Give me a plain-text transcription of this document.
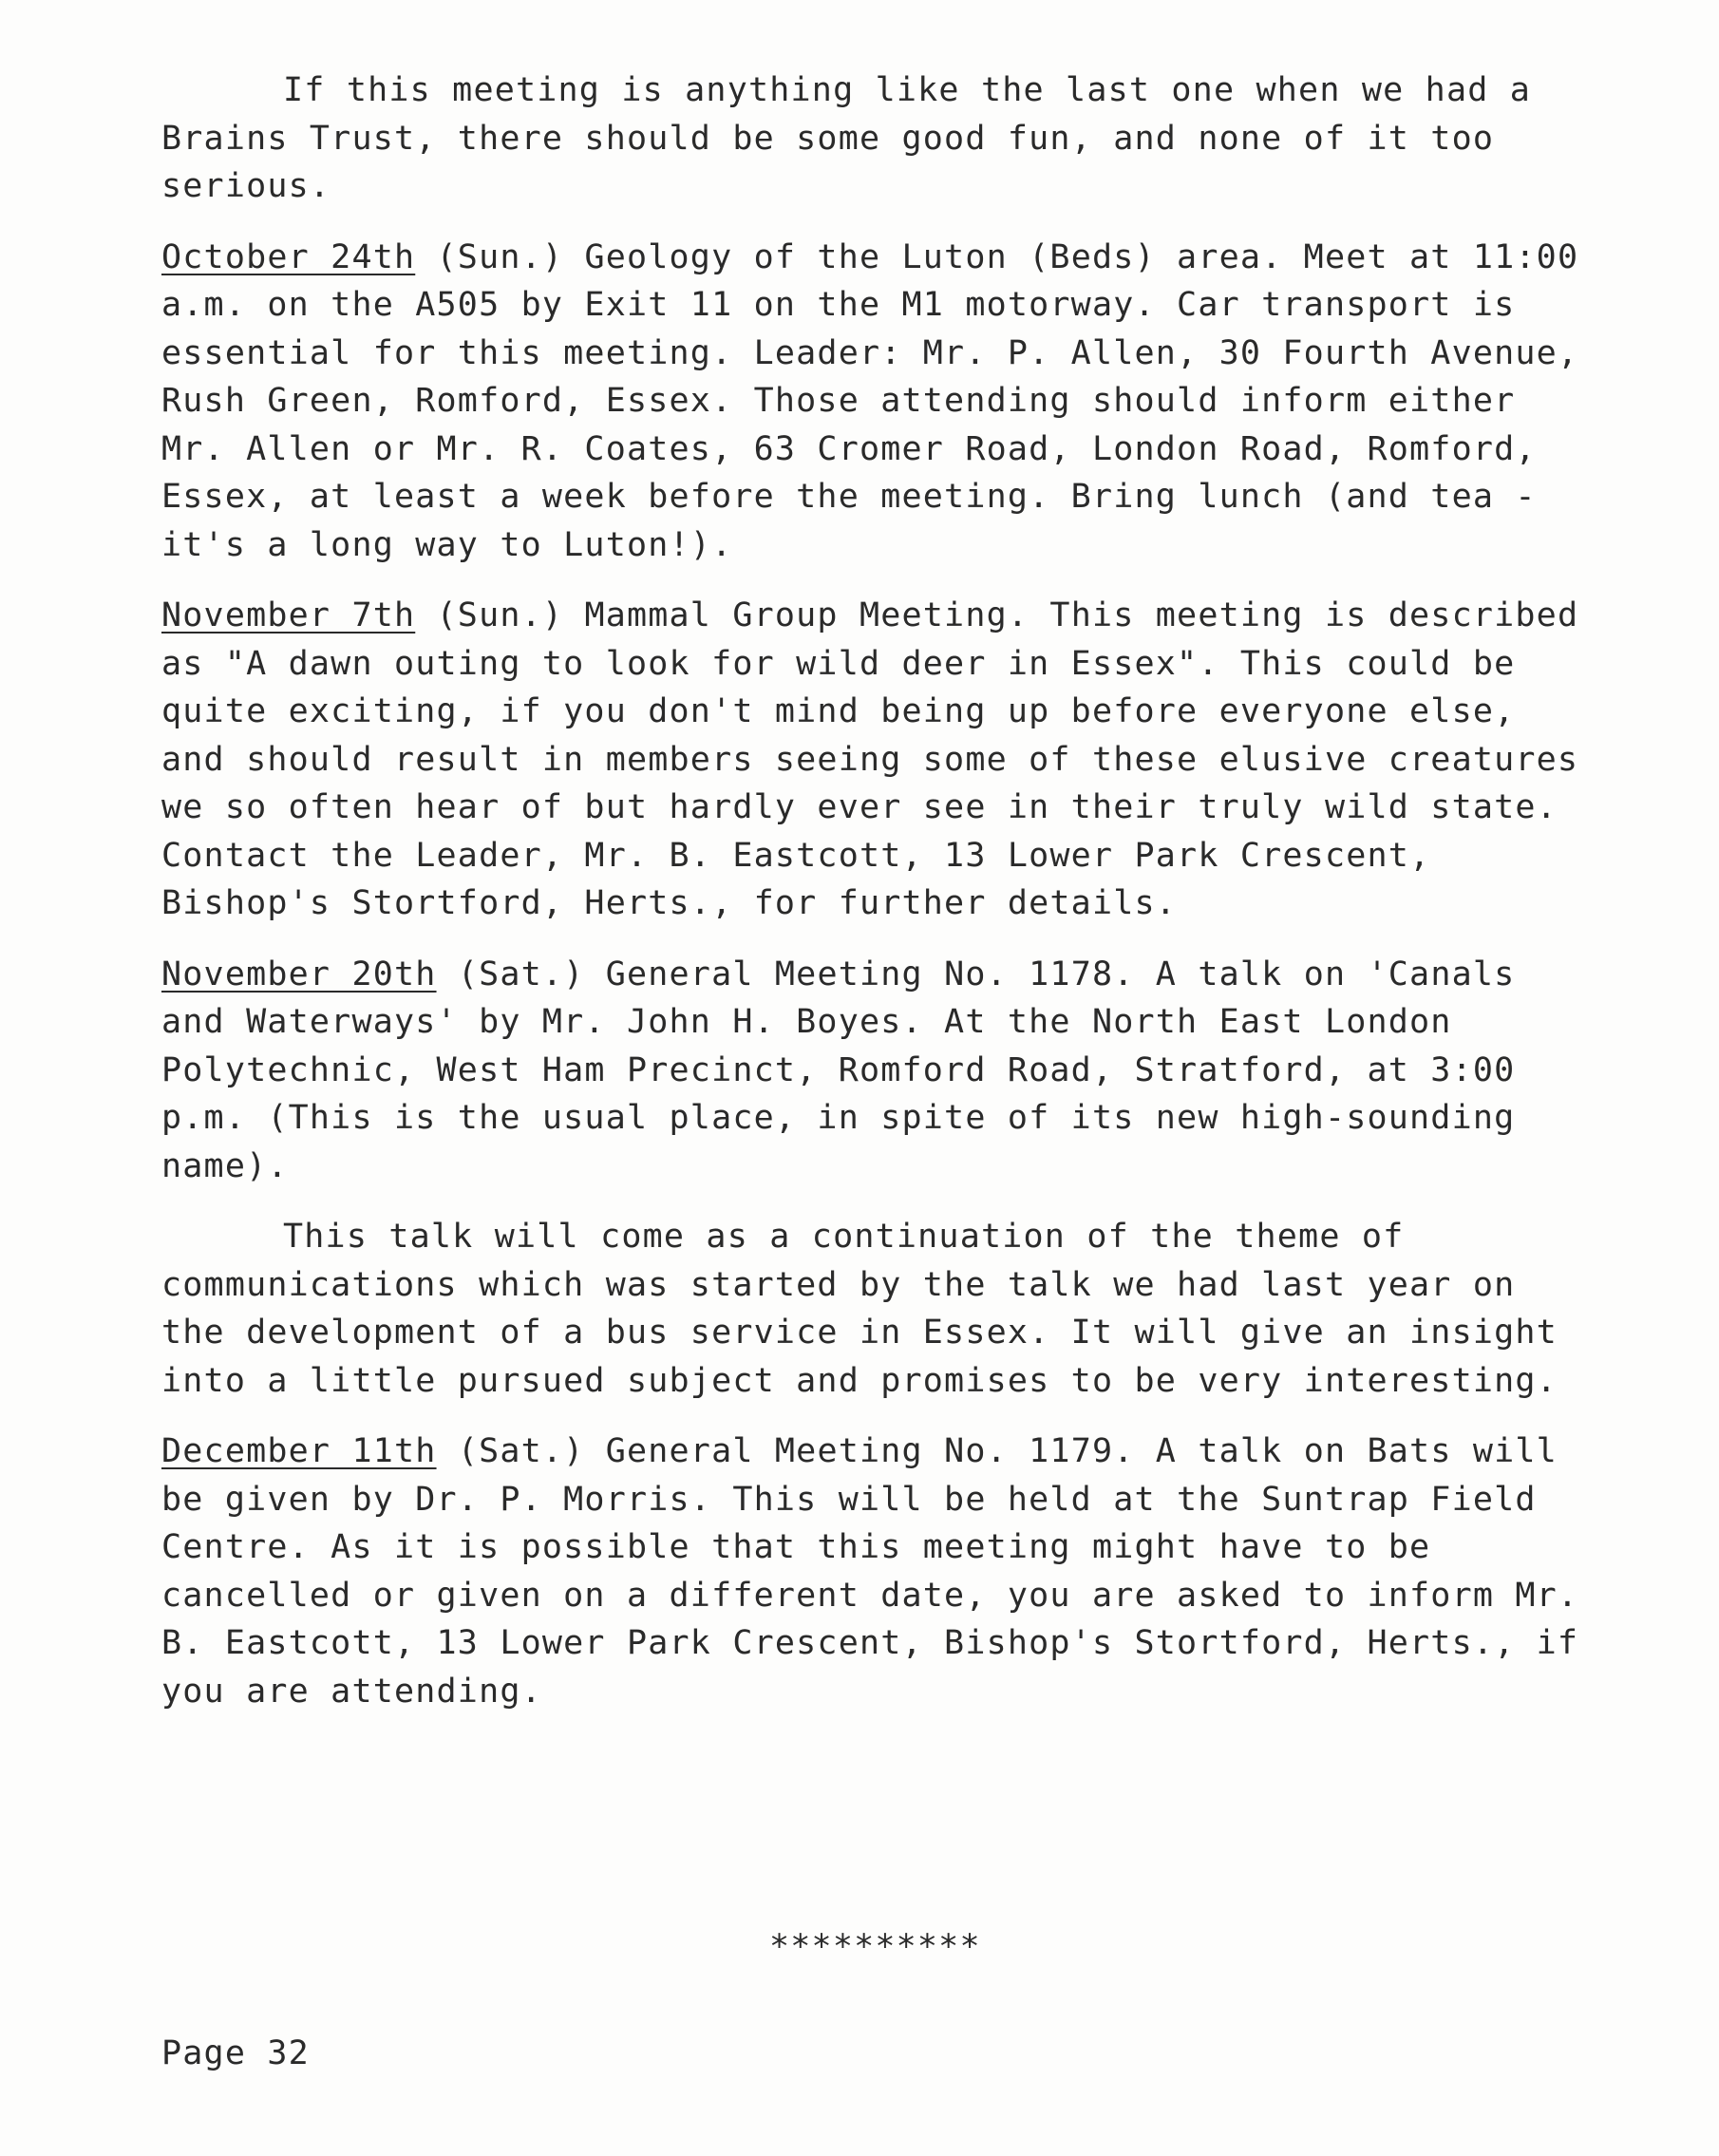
If this meeting is anything like the last one when we had a Brains Trust, there should be some good fun, and none of it too serious.

October 24th (Sun.) Geology of the Luton (Beds) area. Meet at 11:00 a.m. on the A505 by Exit 11 on the M1 motorway. Car transport is essential for this meeting. Leader: Mr. P. Allen, 30 Fourth Avenue, Rush Green, Romford, Essex. Those attending should inform either Mr. Allen or Mr. R. Coates, 63 Cromer Road, London Road, Romford, Essex, at least a week before the meeting. Bring lunch (and tea - it's a long way to Luton!).

November 7th (Sun.) Mammal Group Meeting. This meeting is described as "A dawn outing to look for wild deer in Essex". This could be quite exciting, if you don't mind being up before everyone else, and should result in members seeing some of these elusive creatures we so often hear of but hardly ever see in their truly wild state. Contact the Leader, Mr. B. Eastcott, 13 Lower Park Crescent, Bishop's Stortford, Herts., for further details.

November 20th (Sat.) General Meeting No. 1178. A talk on 'Canals and Waterways' by Mr. John H. Boyes. At the North East London Polytechnic, West Ham Precinct, Romford Road, Stratford, at 3:00 p.m. (This is the usual place, in spite of its new high-sounding name).

This talk will come as a continuation of the theme of communications which was started by the talk we had last year on the development of a bus service in Essex. It will give an insight into a little pursued subject and promises to be very interesting.

December 11th (Sat.) General Meeting No. 1179. A talk on Bats will be given by Dr. P. Morris. This will be held at the Suntrap Field Centre. As it is possible that this meeting might have to be cancelled or given on a different date, you are asked to inform Mr. B. Eastcott, 13 Lower Park Crescent, Bishop's Stortford, Herts., if you are attending.

**********
Page 32
